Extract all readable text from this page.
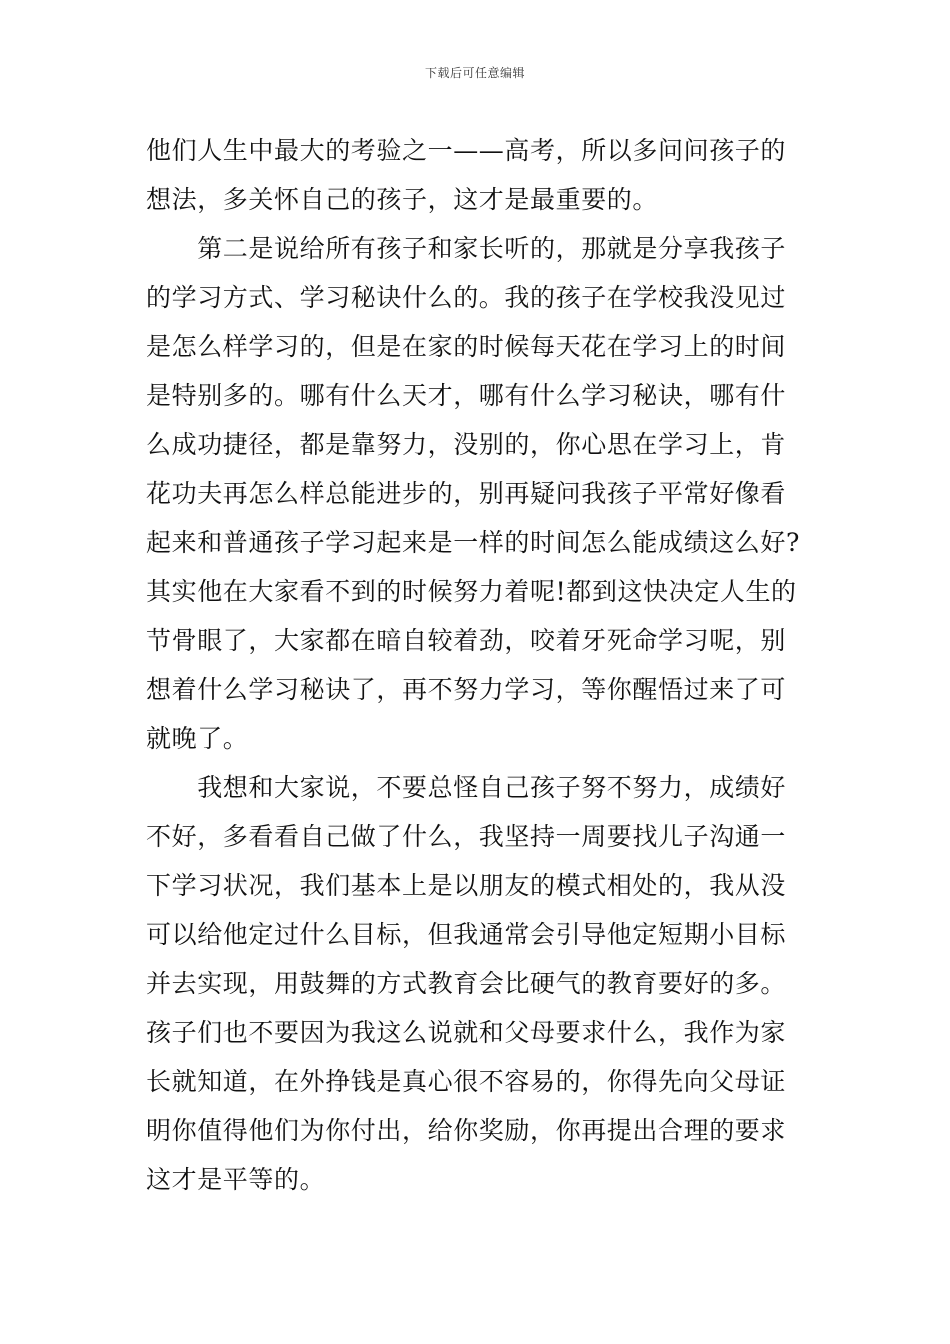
下载后可任意编辑
他们人生中最大的考验之一——高考，所以多问问孩子的
想法，多关怀自己的孩子，这才是最重要的。
　　第二是说给所有孩子和家长听的，那就是分享我孩子
的学习方式、学习秘诀什么的。我的孩子在学校我没见过
是怎么样学习的，但是在家的时候每天花在学习上的时间
是特别多的。哪有什么天才，哪有什么学习秘诀，哪有什
么成功捷径，都是靠努力，没别的，你心思在学习上，肯
花功夫再怎么样总能进步的，别再疑问我孩子平常好像看
起来和普通孩子学习起来是一样的时间怎么能成绩这么好?
其实他在大家看不到的时候努力着呢!都到这快决定人生的
节骨眼了，大家都在暗自较着劲，咬着牙死命学习呢，别
想着什么学习秘诀了，再不努力学习，等你醒悟过来了可
就晚了。
　　我想和大家说，不要总怪自己孩子努不努力，成绩好
不好，多看看自己做了什么，我坚持一周要找儿子沟通一
下学习状况，我们基本上是以朋友的模式相处的，我从没
可以给他定过什么目标，但我通常会引导他定短期小目标
并去实现，用鼓舞的方式教育会比硬气的教育要好的多。
孩子们也不要因为我这么说就和父母要求什么，我作为家
长就知道，在外挣钱是真心很不容易的，你得先向父母证
明你值得他们为你付出，给你奖励，你再提出合理的要求
这才是平等的。
